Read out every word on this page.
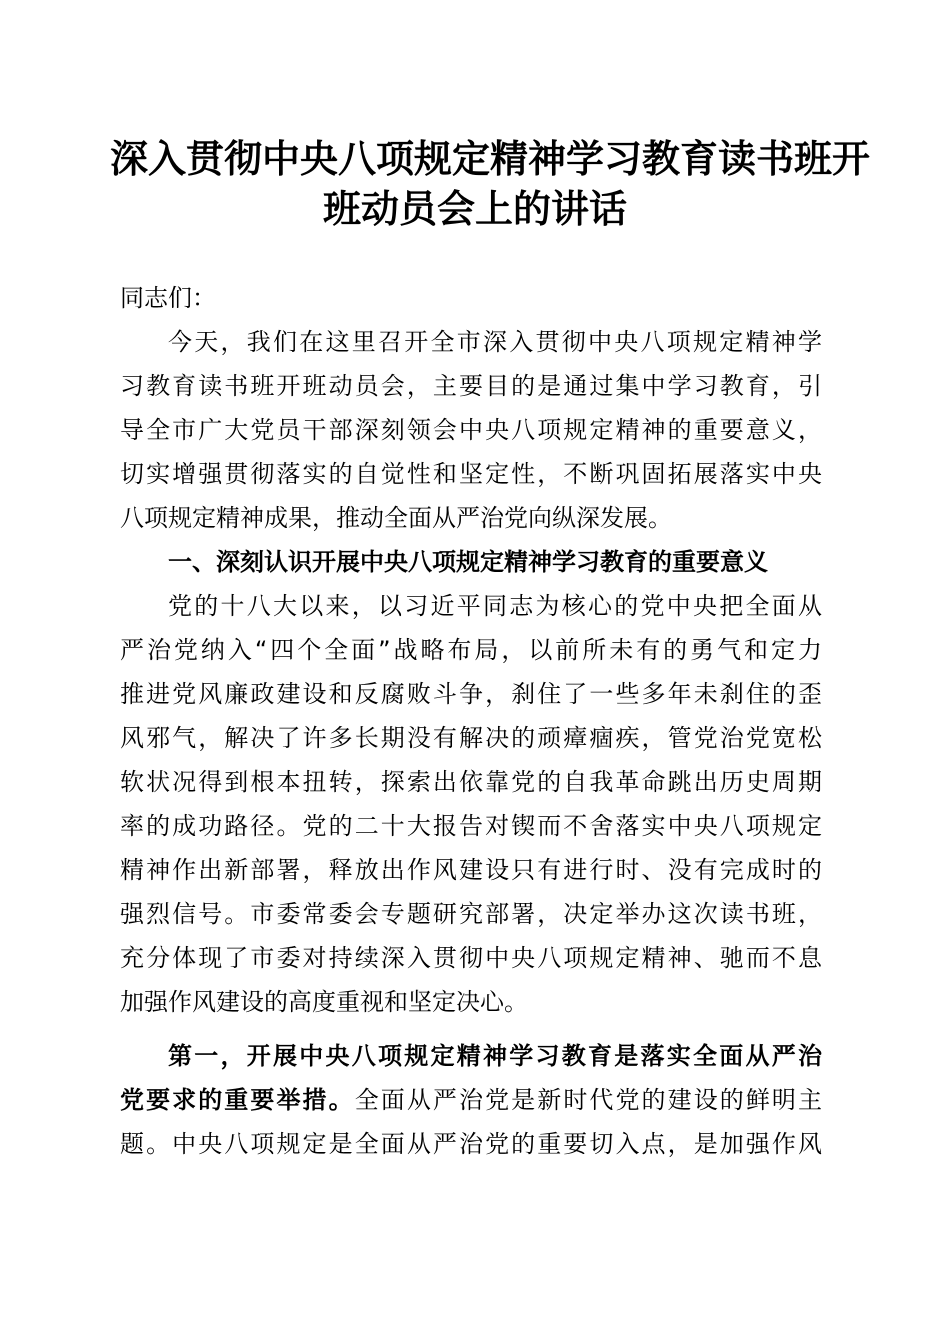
深入贯彻中央八项规定精神学习教育读书班开
班动员会上的讲话
同志们：
今天，我们在这里召开全市深入贯彻中央八项规定精神学
习教育读书班开班动员会，主要目的是通过集中学习教育，引
导全市广大党员干部深刻领会中央八项规定精神的重要意义，
切实增强贯彻落实的自觉性和坚定性，不断巩固拓展落实中央
八项规定精神成果，推动全面从严治党向纵深发展。
一、深刻认识开展中央八项规定精神学习教育的重要意义
党的十八大以来，以习近平同志为核心的党中央把全面从
严治党纳入“四个全面”战略布局，以前所未有的勇气和定力
推进党风廉政建设和反腐败斗争，刹住了一些多年未刹住的歪
风邪气，解决了许多长期没有解决的顽瘴痼疾，管党治党宽松
软状况得到根本扭转，探索出依靠党的自我革命跳出历史周期
率的成功路径。党的二十大报告对锲而不舍落实中央八项规定
精神作出新部署，释放出作风建设只有进行时、没有完成时的
强烈信号。市委常委会专题研究部署，决定举办这次读书班，
充分体现了市委对持续深入贯彻中央八项规定精神、驰而不息
加强作风建设的高度重视和坚定决心。
第一，开展中央八项规定精神学习教育是落实全面从严治
党要求的重要举措。全面从严治党是新时代党的建设的鲜明主
题。中央八项规定是全面从严治党的重要切入点，是加强作风
